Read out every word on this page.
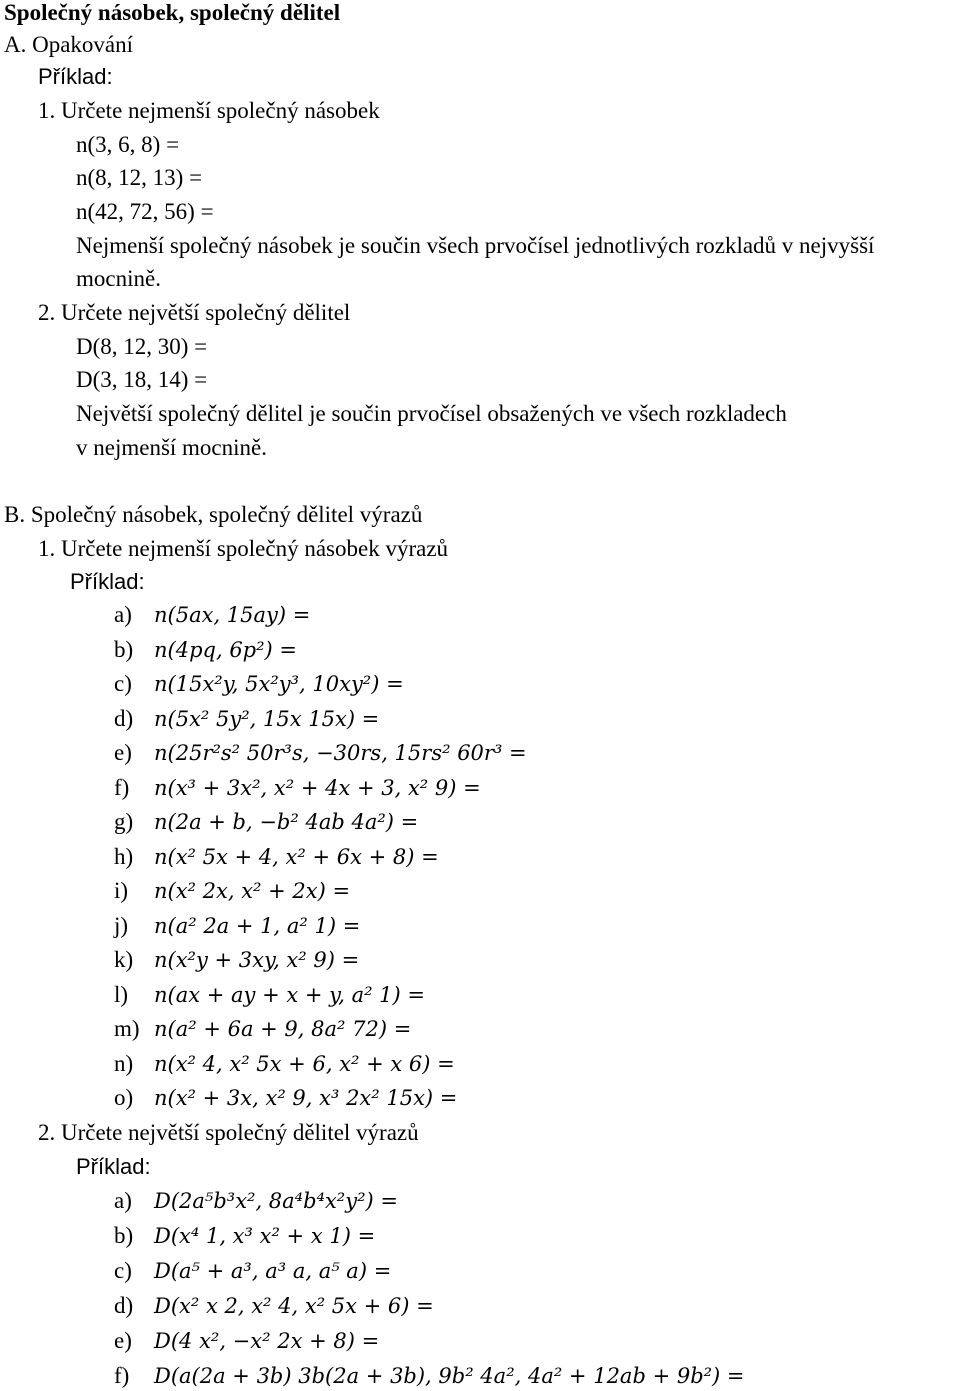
Společný násobek, společný dělitel
A. Opakování
Příklad:
1. Určete nejmenší společný násobek
n(3, 6, 8) =
n(8, 12, 13) =
n(42, 72, 56) =
Nejmenší společný násobek je součin všech prvočísel jednotlivých rozkladů v nejvyšší
mocnině.
2. Určete největší společný dělitel
D(8, 12, 30) =
D(3, 18, 14) =
Největší společný dělitel je součin prvočísel obsažených ve všech rozkladech
v nejmenší mocnině.
B. Společný násobek, společný dělitel výrazů
1. Určete nejmenší společný násobek výrazů
Příklad:
a) n(5ax, 15ay) =
b) n(4pq, 6p²) =
c) n(15x²y, 5x²y³, 10xy²) =
d) n(5x² 5y², 15x 15x) =
e) n(25r²s² 50r³s, −30rs, 15rs² 60r³ =
f) n(x³ + 3x², x² + 4x + 3, x² 9) =
g) n(2a + b, −b² 4ab 4a²) =
h) n(x² 5x + 4, x² + 6x + 8) =
i) n(x² 2x, x² + 2x) =
j) n(a² 2a + 1, a² 1) =
k) n(x²y + 3xy, x² 9) =
l) n(ax + ay + x + y, a² 1) =
m) n(a² + 6a + 9, 8a² 72) =
n) n(x² 4, x² 5x + 6, x² + x 6) =
o) n(x² + 3x, x² 9, x³ 2x² 15x) =
2. Určete největší společný dělitel výrazů
Příklad:
a) D(2a⁵b³x², 8a⁴b⁴x²y²) =
b) D(x⁴ 1, x³ x² + x 1) =
c) D(a⁵ + a³, a³ a, a⁵ a) =
d) D(x² x 2, x² 4, x² 5x + 6) =
e) D(4 x², −x² 2x + 8) =
f) D(a(2a + 3b) 3b(2a + 3b), 9b² 4a², 4a² + 12ab + 9b²) =
